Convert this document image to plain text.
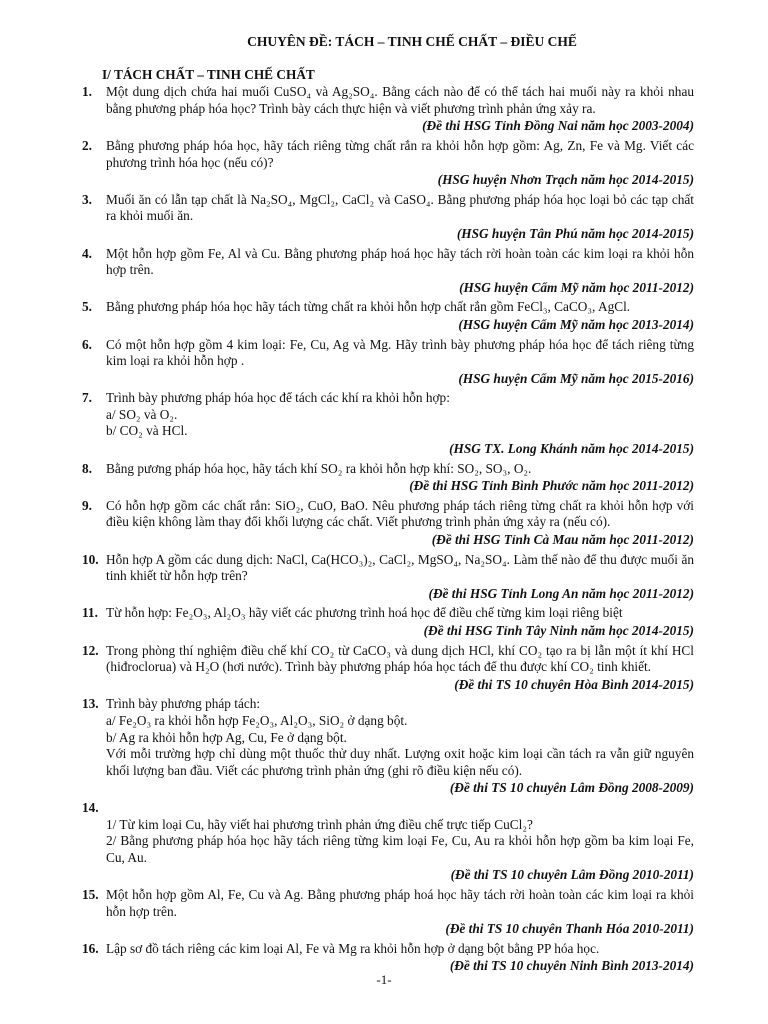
CHUYÊN ĐỀ: TÁCH – TINH CHẾ CHẤT – ĐIỀU CHẾ
I/ TÁCH CHẤT – TINH CHẾ CHẤT
1.	Một dung dịch chứa hai muối CuSO₄ và Ag₂SO₄. Bằng cách nào để có thể tách hai muối này ra khỏi nhau bằng phương pháp hóa học? Trình bày cách thực hiện và viết phương trình phản ứng xảy ra.
(Đề thi HSG Tỉnh Đồng Nai năm học 2003-2004)
2.	Bằng phương pháp hóa học, hãy tách riêng từng chất rắn ra khỏi hỗn hợp gồm: Ag, Zn, Fe và Mg. Viết các phương trình hóa học (nếu có)?
(HSG huyện Nhơn Trạch năm học 2014-2015)
3.	Muối ăn có lẫn tạp chất là Na₂SO₄, MgCl₂, CaCl₂ và CaSO₄. Bằng phương pháp hóa học loại bỏ các tạp chất ra khỏi muối ăn.
(HSG huyện Tân Phú năm học 2014-2015)
4.	Một hỗn hợp gồm Fe, Al và Cu. Bằng phương pháp hoá học hãy tách rời hoàn toàn các kim loại ra khỏi hỗn hợp trên.
(HSG huyện Cẩm Mỹ năm học 2011-2012)
5.	Bằng phương pháp hóa học hãy tách từng chất ra khỏi hỗn hợp chất rắn gồm FeCl₃, CaCO₃, AgCl.
(HSG huyện Cẩm Mỹ năm học 2013-2014)
6.	Có một hỗn hợp gồm 4 kim loại: Fe, Cu, Ag và Mg. Hãy trình bày phương pháp hóa học để tách riêng từng kim loại ra khỏi hỗn hợp .
(HSG huyện Cẩm Mỹ năm học 2015-2016)
7.	Trình bày phương pháp hóa học để tách các khí ra khỏi hỗn hợp:
a/ SO₂ và O₂.
b/ CO₂ và HCl.
(HSG TX. Long Khánh năm học 2014-2015)
8.	Bằng pương pháp hóa học, hãy tách khí SO₂ ra khỏi hỗn hợp khí: SO₂, SO₃, O₂.
(Đề thi HSG Tỉnh Bình Phước năm học 2011-2012)
9.	Có hỗn hợp gồm các chất rắn: SiO₂, CuO, BaO. Nêu phương pháp tách riêng từng chất ra khỏi hỗn hợp với điều kiện không làm thay đổi khối lượng các chất. Viết phương trình phản ứng xảy ra (nếu có).
(Đề thi HSG Tỉnh Cà Mau năm học 2011-2012)
10. Hỗn hợp A gồm các dung dịch: NaCl, Ca(HCO₃)₂, CaCl₂, MgSO₄, Na₂SO₄. Làm thế nào để thu được muối ăn tinh khiết từ hỗn hợp trên?
(Đề thi HSG Tỉnh Long An năm học 2011-2012)
11. Từ hỗn hợp: Fe₂O₃, Al₂O₃ hãy viết các phương trình hoá học để điều chế từng kim loại riêng biệt
(Đề thi HSG Tỉnh Tây Ninh năm học 2014-2015)
12. Trong phòng thí nghiệm điều chế khí CO₂ từ CaCO₃ và dung dịch HCl, khí CO₂ tạo ra bị lẫn một ít khí HCl (hiđroclorua) và H₂O (hơi nước). Trình bày phương pháp hóa học tách để thu được khí CO₂ tinh khiết.
(Đề thi TS 10 chuyên Hòa Bình 2014-2015)
13. Trình bày phương pháp tách:
a/ Fe₂O₃ ra khỏi hỗn hợp Fe₂O₃, Al₂O₃, SiO₂ ở dạng bột.
b/ Ag ra khỏi hỗn hợp Ag, Cu, Fe ở dạng bột.
Với mỗi trường hợp chỉ dùng một thuốc thử duy nhất. Lượng oxit hoặc kim loại cần tách ra vẫn giữ nguyên khối lượng ban đầu. Viết các phương trình phản ứng (ghi rõ điều kiện nếu có).
(Đề thi TS 10 chuyên Lâm Đồng 2008-2009)
14.

1/ Từ kim loại Cu, hãy viết hai phương trình phản ứng điều chế trực tiếp CuCl₂?
2/ Bằng phương pháp hóa học hãy tách riêng từng kim loại Fe, Cu, Au ra khỏi hỗn hợp gồm ba kim loại Fe, Cu, Au.
(Đề thi TS 10 chuyên Lâm Đồng 2010-2011)
15. Một hỗn hợp gồm Al, Fe, Cu và Ag. Bằng phương pháp hoá học hãy tách rời hoàn toàn các kim loại ra khỏi hỗn hợp trên.
(Đề thi TS 10 chuyên Thanh Hóa 2010-2011)
16. Lập sơ đồ tách riêng các kim loại Al, Fe và Mg ra khỏi hỗn hợp ở dạng bột bằng PP hóa học.
(Đề thi TS 10 chuyên Ninh Bình 2013-2014)
-1-
